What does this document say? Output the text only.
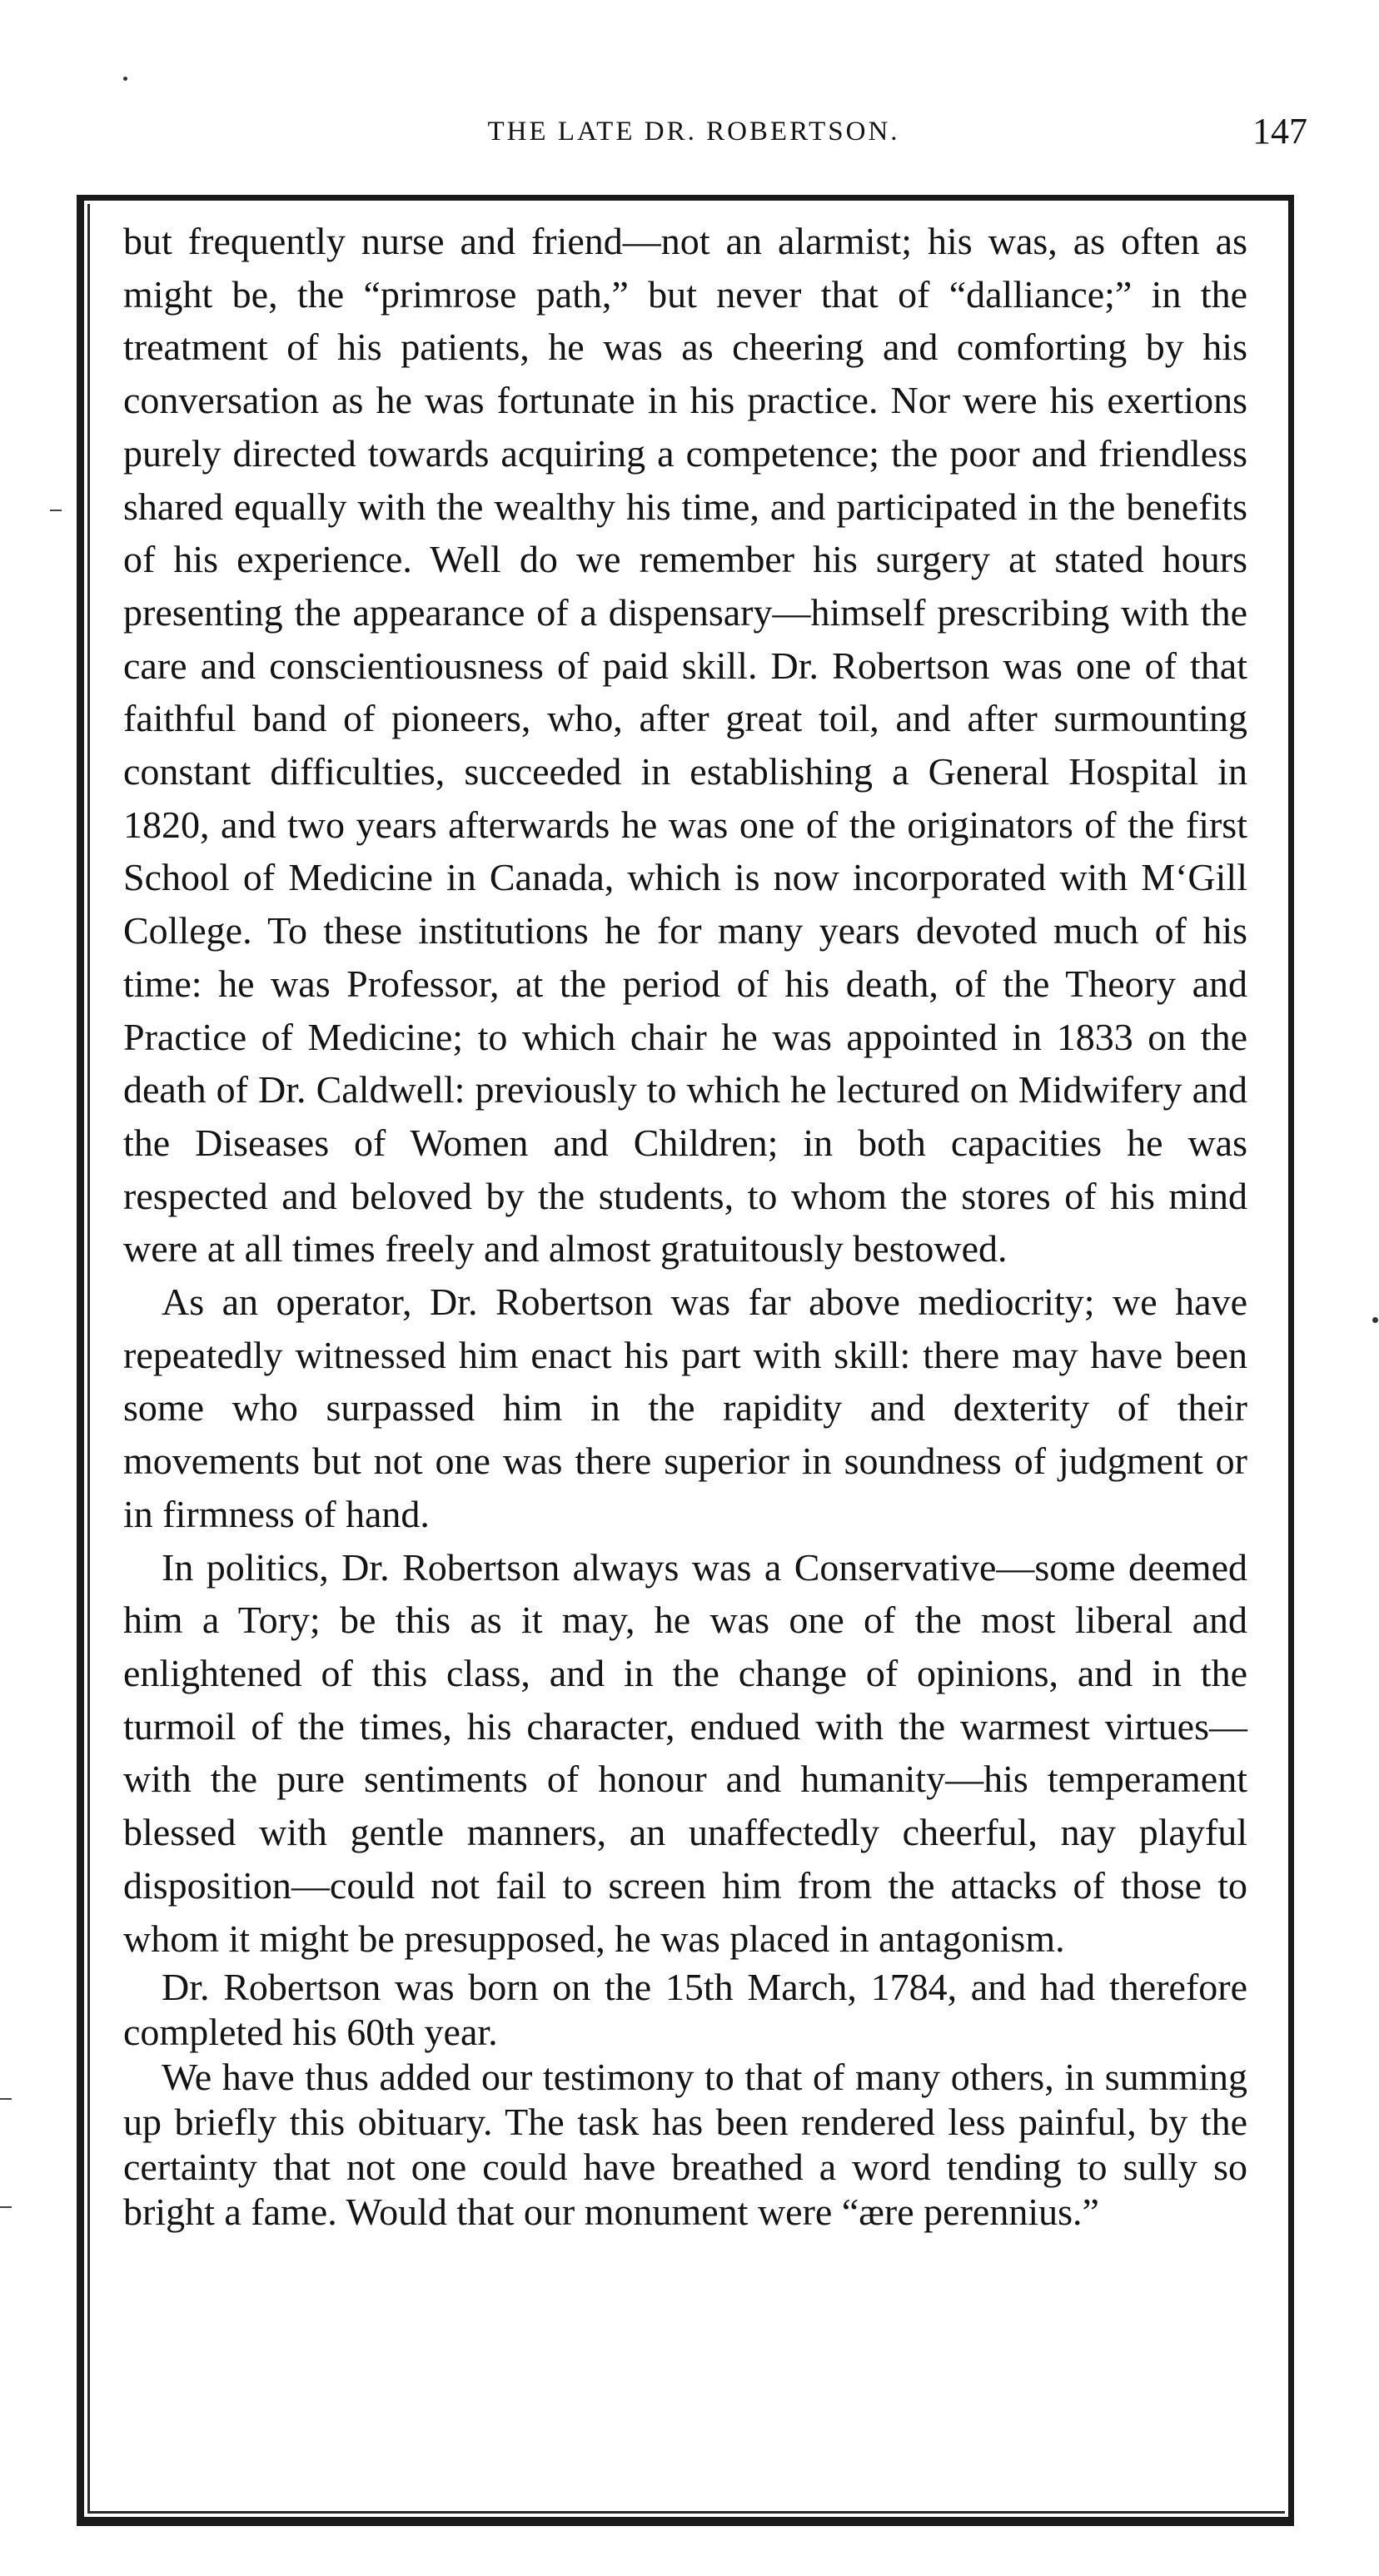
THE LATE DR. ROBERTSON.	147

but frequently nurse and friend—not an alarmist; his was, as often as might be, the “primrose path,” but never that of “dalliance;” in the treatment of his patients, he was as cheering and comforting by his conversation as he was fortunate in his practice. Nor were his exertions purely directed towards acquiring a competence; the poor and friendless shared equally with the wealthy his time, and participated in the benefits of his experience. Well do we remember his surgery at stated hours presenting the appearance of a dispensary—himself prescribing with the care and conscientiousness of paid skill. Dr. Robertson was one of that faithful band of pioneers, who, after great toil, and after surmounting constant difficulties, succeeded in establishing a General Hospital in 1820, and two years afterwards he was one of the originators of the first School of Medicine in Canada, which is now incorporated with M‘Gill College. To these institutions he for many years devoted much of his time: he was Professor, at the period of his death, of the Theory and Practice of Medicine; to which chair he was appointed in 1833 on the death of Dr. Caldwell: previously to which he lectured on Midwifery and the Diseases of Women and Children; in both capacities he was respected and beloved by the students, to whom the stores of his mind were at all times freely and almost gratuitously bestowed.

As an operator, Dr. Robertson was far above mediocrity; we have repeatedly witnessed him enact his part with skill: there may have been some who surpassed him in the rapidity and dexterity of their movements but not one was there superior in soundness of judgment or in firmness of hand.

In politics, Dr. Robertson always was a Conservative—some deemed him a Tory; be this as it may, he was one of the most liberal and enlightened of this class, and in the change of opinions, and in the turmoil of the times, his character, endued with the warmest virtues—with the pure sentiments of honour and humanity—his temperament blessed with gentle manners, an unaffectedly cheerful, nay playful disposition—could not fail to screen him from the attacks of those to whom it might be presupposed, he was placed in antagonism.

Dr. Robertson was born on the 15th March, 1784, and had therefore completed his 60th year.

We have thus added our testimony to that of many others, in summing up briefly this obituary. The task has been rendered less painful, by the certainty that not one could have breathed a word tending to sully so bright a fame. Would that our monument were “ære perennius.”
